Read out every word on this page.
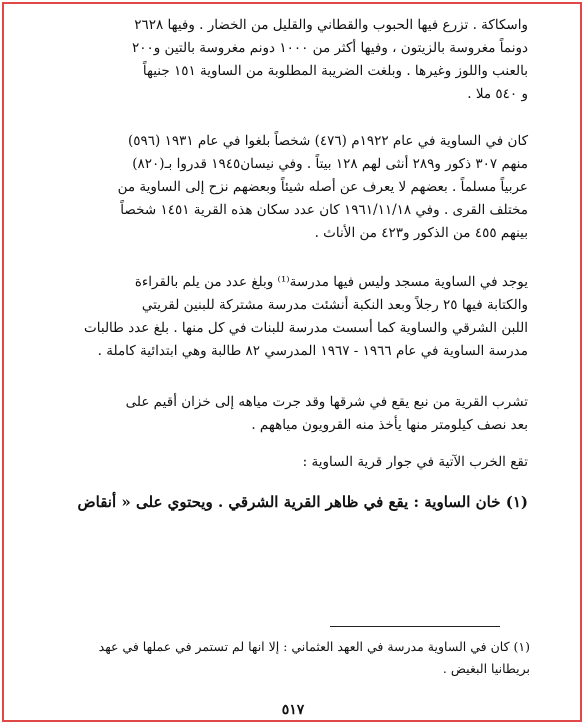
واسكاكة . تزرع فيها الحبوب والقطاني والقليل من الخضار . وفيها ٢٦٢٨

دونماً مغروسة بالزيتون ، وفيها أكثر من ١٠٠٠ دونم مغروسة بالتين و٢٠٠

بالعنب واللوز وغيرها . وبلغت الضريبة المطلوبة من الساوية ١٥١ جنيهاً

و ٥٤٠ ملا .

كان في الساوية في عام ١٩٢٢م (٤٧٦) شخصاً بلغوا في عام ١٩٣١ (٥٩٦)

منهم ٣٠٧ ذكور و٢٨٩ أنثى لهم ١٢٨ بيتاً . وفي نيسان١٩٤٥ قدروا بـ(٨٢٠)

عربياً مسلماً . بعضهم لا يعرف عن أصله شيئاً وبعضهم نزح إلى الساوية من

مختلف القرى . وفي ١٩٦١/١١/١٨ كان عدد سكان هذه القرية ١٤٥١ شخصاً

بينهم ٤٥٥ من الذكور و٤٢٣ من الأناث .

يوجد في الساوية مسجد وليس فيها مدرسة⁽¹⁾ وبلغ عدد من يلم بالقراءة

والكتابة فيها ٢٥ رجلاً وبعد النكبة أنشئت مدرسة مشتركة للبنين لقريتي

اللبن الشرقي والساوية كما أسست مدرسة للبنات في كل منها . بلغ عدد طالبات

مدرسة الساوية في عام ١٩٦٦ - ١٩٦٧ المدرسي ٨٢ طالبة وهي ابتدائية كاملة .

تشرب القرية من نبع يقع في شرقها وقد جرت مياهه إلى خزان أقيم على

بعد نصف كيلومتر منها يأخذ منه القرويون مياههم .

تقع الخرب الآتية في جوار قرية الساوية :

(١) خان الساوية : يقع في ظاهر القرية الشرقي . ويحتوي على « أنقاض

(١) كان في الساوية مدرسة في العهد العثماني : إلا انها لم تستمر في عملها في عهد

بريطانيا البغيض .

٥١٧
